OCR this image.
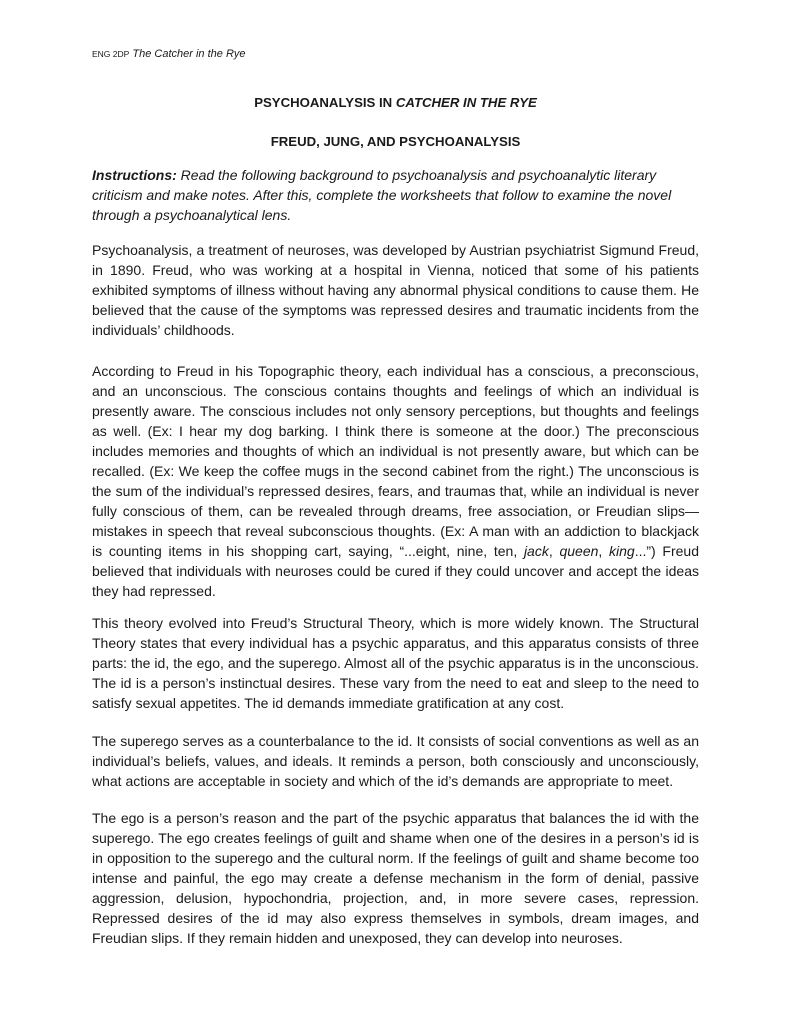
ENG 2DP The Catcher in the Rye
PSYCHOANALYSIS IN CATCHER IN THE RYE
FREUD, JUNG, AND PSYCHOANALYSIS
Instructions: Read the following background to psychoanalysis and psychoanalytic literary criticism and make notes. After this, complete the worksheets that follow to examine the novel through a psychoanalytical lens.
Psychoanalysis, a treatment of neuroses, was developed by Austrian psychiatrist Sigmund Freud, in 1890. Freud, who was working at a hospital in Vienna, noticed that some of his patients exhibited symptoms of illness without having any abnormal physical conditions to cause them. He believed that the cause of the symptoms was repressed desires and traumatic incidents from the individuals’ childhoods.
According to Freud in his Topographic theory, each individual has a conscious, a preconscious, and an unconscious. The conscious contains thoughts and feelings of which an individual is presently aware. The conscious includes not only sensory perceptions, but thoughts and feelings as well. (Ex: I hear my dog barking. I think there is someone at the door.) The preconscious includes memories and thoughts of which an individual is not presently aware, but which can be recalled. (Ex: We keep the coffee mugs in the second cabinet from the right.) The unconscious is the sum of the individual’s repressed desires, fears, and traumas that, while an individual is never fully conscious of them, can be revealed through dreams, free association, or Freudian slips—mistakes in speech that reveal subconscious thoughts. (Ex: A man with an addiction to blackjack is counting items in his shopping cart, saying, “...eight, nine, ten, jack, queen, king...”) Freud believed that individuals with neuroses could be cured if they could uncover and accept the ideas they had repressed.
This theory evolved into Freud’s Structural Theory, which is more widely known. The Structural Theory states that every individual has a psychic apparatus, and this apparatus consists of three parts: the id, the ego, and the superego. Almost all of the psychic apparatus is in the unconscious. The id is a person’s instinctual desires. These vary from the need to eat and sleep to the need to satisfy sexual appetites. The id demands immediate gratification at any cost.
The superego serves as a counterbalance to the id. It consists of social conventions as well as an individual’s beliefs, values, and ideals. It reminds a person, both consciously and unconsciously, what actions are acceptable in society and which of the id’s demands are appropriate to meet.
The ego is a person’s reason and the part of the psychic apparatus that balances the id with the superego. The ego creates feelings of guilt and shame when one of the desires in a person’s id is in opposition to the superego and the cultural norm. If the feelings of guilt and shame become too intense and painful, the ego may create a defense mechanism in the form of denial, passive aggression, delusion, hypochondria, projection, and, in more severe cases, repression. Repressed desires of the id may also express themselves in symbols, dream images, and Freudian slips. If they remain hidden and unexposed, they can develop into neuroses.
